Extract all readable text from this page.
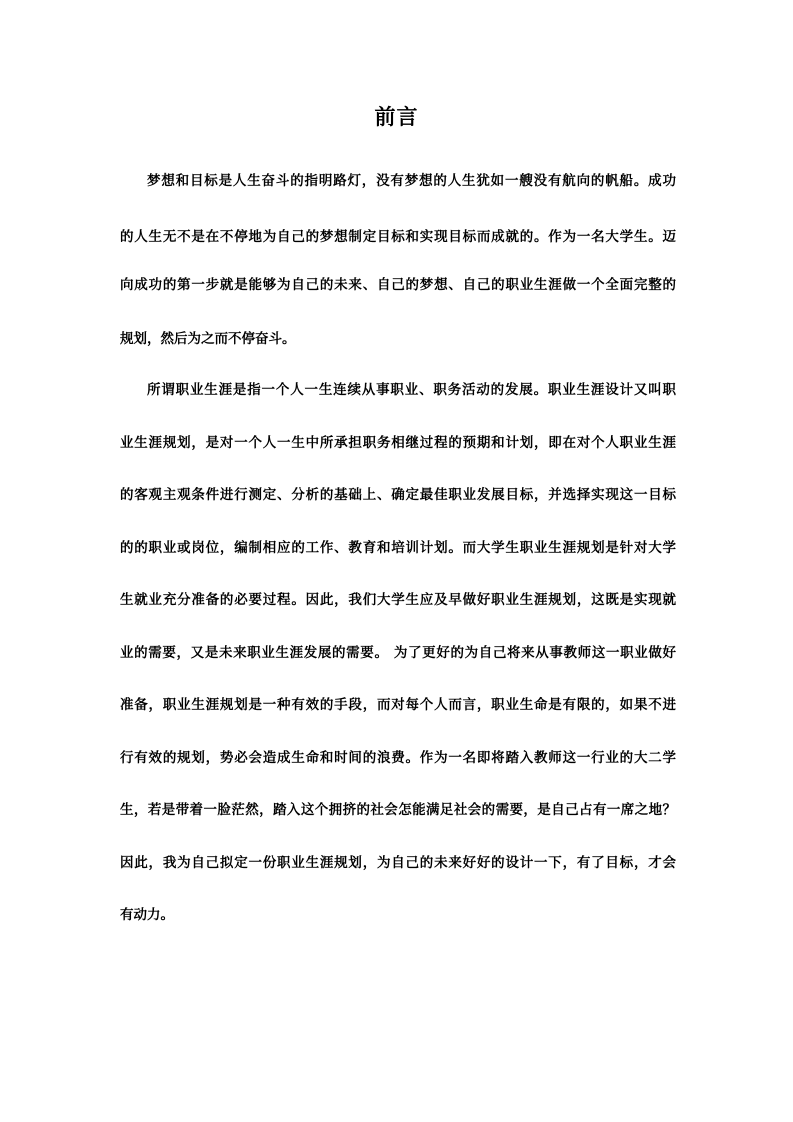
前言
梦想和目标是人生奋斗的指明路灯，没有梦想的人生犹如一艘没有航向的帆船。成功
的人生无不是在不停地为自己的梦想制定目标和实现目标而成就的。作为一名大学生。迈
向成功的第一步就是能够为自己的未来、自己的梦想、自己的职业生涯做一个全面完整的
规划，然后为之而不停奋斗。
所谓职业生涯是指一个人一生连续从事职业、职务活动的发展。职业生涯设计又叫职
业生涯规划，是对一个人一生中所承担职务相继过程的预期和计划，即在对个人职业生涯
的客观主观条件进行测定、分析的基础上、确定最佳职业发展目标，并选择实现这一目标
的的职业或岗位，编制相应的工作、教育和培训计划。而大学生职业生涯规划是针对大学
生就业充分准备的必要过程。因此，我们大学生应及早做好职业生涯规划，这既是实现就
业的需要，又是未来职业生涯发展的需要。 为了更好的为自己将来从事教师这一职业做好
准备，职业生涯规划是一种有效的手段，而对每个人而言，职业生命是有限的，如果不进
行有效的规划，势必会造成生命和时间的浪费。作为一名即将踏入教师这一行业的大二学
生，若是带着一脸茫然，踏入这个拥挤的社会怎能满足社会的需要，是自己占有一席之地？
因此，我为自己拟定一份职业生涯规划，为自己的未来好好的设计一下，有了目标，才会
有动力。
